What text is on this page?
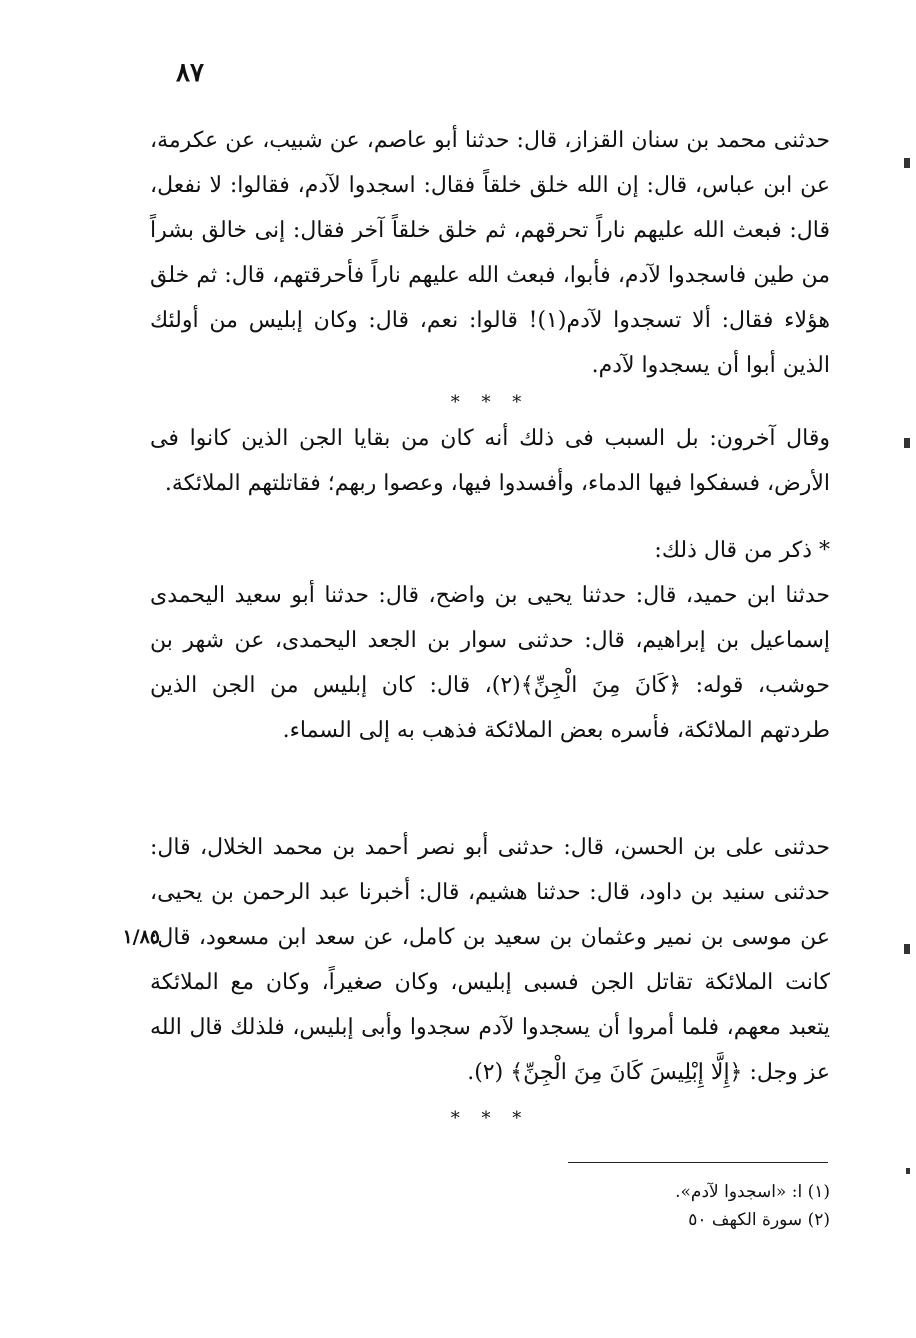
٨٧
حدثنى محمد بن سنان القزاز، قال: حدثنا أبو عاصم، عن شبيب، عن عكرمة، عن ابن عباس، قال: إن الله خلق خلقاً فقال: اسجدوا لآدم، فقالوا: لا نفعل، قال: فبعث الله عليهم ناراً تحرقهم، ثم خلق خلقاً آخر فقال: إنى خالق بشراً من طين فاسجدوا لآدم، فأبوا، فبعث الله عليهم ناراً فأحرقتهم، قال: ثم خلق هؤلاء فقال: ألا تسجدوا لآدم(١)! قالوا: نعم، قال: وكان إبليس من أولئك الذين أبوا أن يسجدوا لآدم.
* * *
وقال آخرون: بل السبب فى ذلك أنه كان من بقايا الجن الذين كانوا فى الأرض، فسفكوا فيها الدماء، وأفسدوا فيها، وعصوا ربهم؛ فقاتلتهم الملائكة.
* ذكر من قال ذلك:
حدثنا ابن حميد، قال: حدثنا يحيى بن واضح، قال: حدثنا أبو سعيد اليحمدى إسماعيل بن إبراهيم، قال: حدثنى سوار بن الجعد اليحمدى، عن شهر بن حوشب، قوله: ﴿كَانَ مِنَ الْجِنِّ﴾(٢)، قال: كان إبليس من الجن الذين طردتهم الملائكة، فأسره بعض الملائكة فذهب به إلى السماء.
حدثنى على بن الحسن، قال: حدثنى أبو نصر أحمد بن محمد الخلال، قال: حدثنى سنيد بن داود، قال: حدثنا هشيم، قال: أخبرنا عبد الرحمن بن يحيى، عن موسى بن نمير وعثمان بن سعيد بن كامل، عن سعد ابن مسعود، قال: كانت الملائكة تقاتل الجن فسبى إبليس، وكان صغيراً، وكان مع الملائكة يتعبد معهم، فلما أمروا أن يسجدوا لآدم سجدوا وأبى إبليس، فلذلك قال الله عز وجل: ﴿إِلَّا إِبْلِيسَ كَانَ مِنَ الْجِنِّ﴾ (٢).
١/٨٥
* * *
(١) ا: «اسجدوا لآدم».
(٢) سورة الكهف ٥٠
